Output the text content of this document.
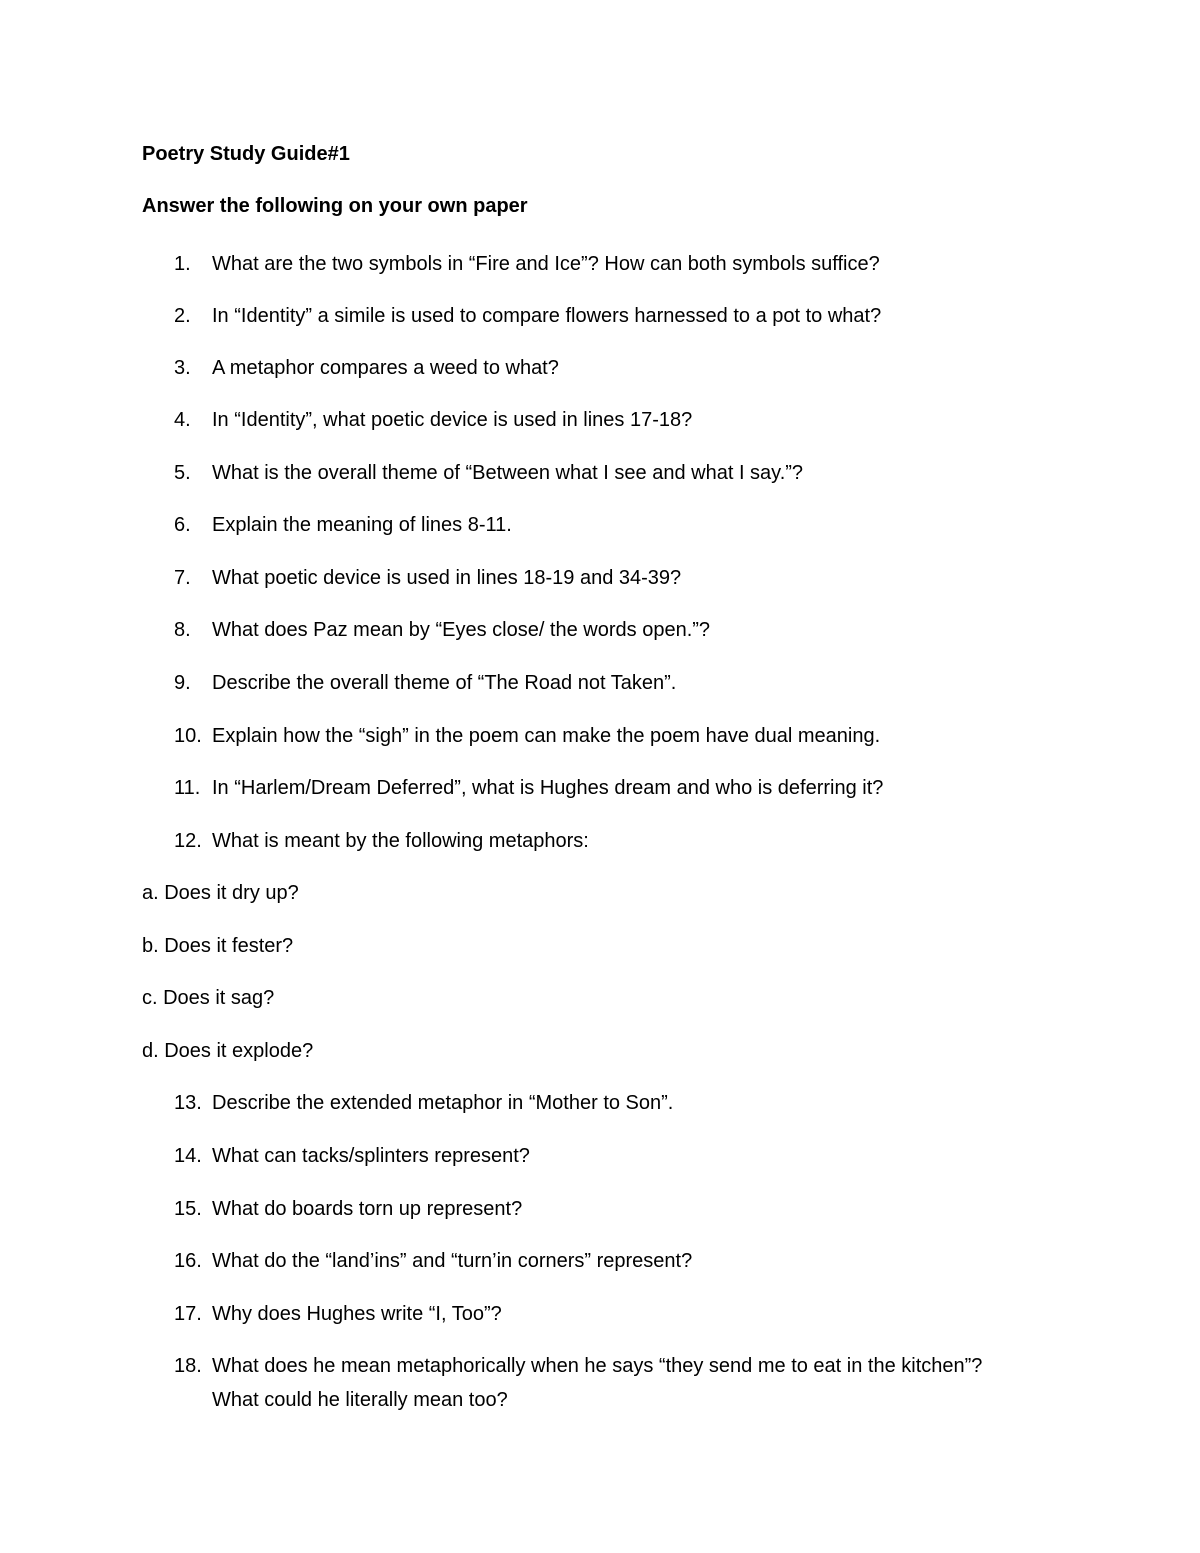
Poetry Study Guide#1
Answer the following on your own paper
1. What are the two symbols in “Fire and Ice”? How can both symbols suffice?
2. In “Identity” a simile is used to compare flowers harnessed to a pot to what?
3. A metaphor compares a weed to what?
4. In “Identity”, what poetic device is used in lines 17-18?
5. What is the overall theme of “Between what I see and what I say.”?
6. Explain the meaning of lines 8-11.
7. What poetic device is used in lines 18-19 and 34-39?
8. What does Paz mean by “Eyes close/ the words open.”?
9. Describe the overall theme of “The Road not Taken”.
10. Explain how the “sigh” in the poem can make the poem have dual meaning.
11. In “Harlem/Dream Deferred”, what is Hughes dream and who is deferring it?
12. What is meant by the following metaphors:
a. Does it dry up?
b. Does it fester?
c. Does it sag?
d. Does it explode?
13. Describe the extended metaphor in “Mother to Son”.
14. What can tacks/splinters represent?
15. What do boards torn up represent?
16. What do the “land’ins” and “turn’in corners” represent?
17. Why does Hughes write “I, Too”?
18. What does he mean metaphorically when he says “they send me to eat in the kitchen”?
What could he literally mean too?
